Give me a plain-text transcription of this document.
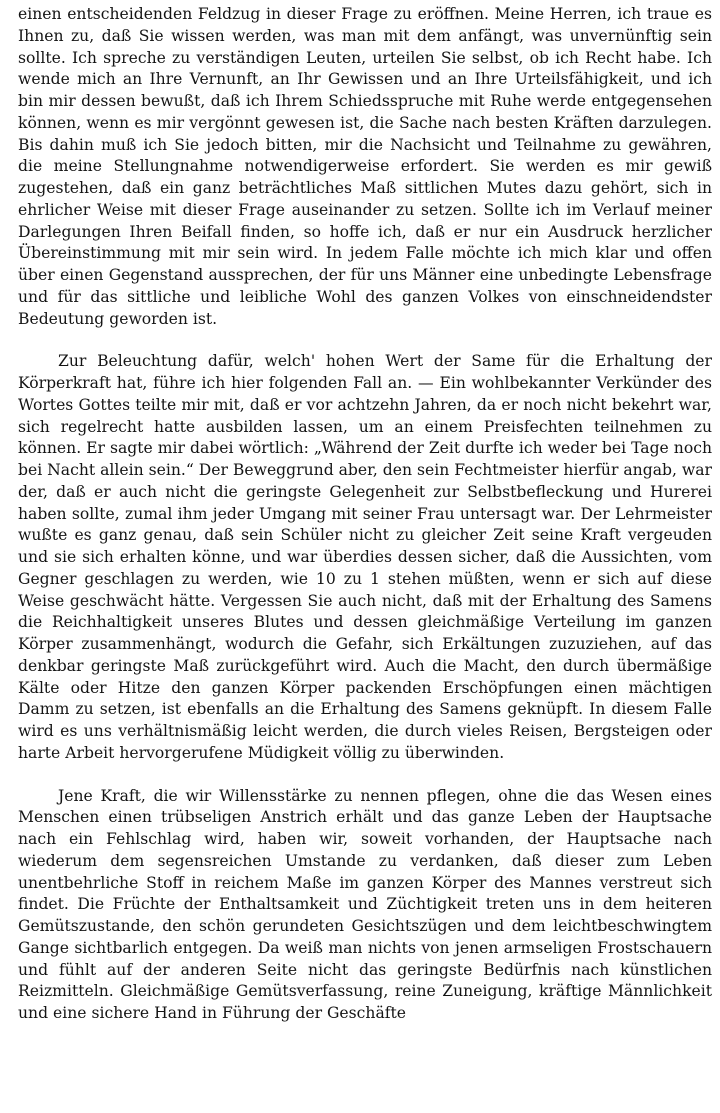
einen entscheidenden Feldzug in dieser Frage zu eröffnen. Meine Herren, ich traue es Ihnen zu, daß Sie wissen werden, was man mit dem anfängt, was unvernünftig sein sollte. Ich spreche zu verständigen Leuten, urteilen Sie selbst, ob ich Recht habe. Ich wende mich an Ihre Vernunft, an Ihr Gewissen und an Ihre Urteilsfähigkeit, und ich bin mir dessen bewußt, daß ich Ihrem Schiedsspruche mit Ruhe werde entgegensehen können, wenn es mir vergönnt gewesen ist, die Sache nach besten Kräften darzulegen. Bis dahin muß ich Sie jedoch bitten, mir die Nachsicht und Teilnahme zu gewähren, die meine Stellungnahme notwendigerweise erfordert. Sie werden es mir gewiß zugestehen, daß ein ganz beträchtliches Maß sittlichen Mutes dazu gehört, sich in ehrlicher Weise mit dieser Frage auseinander zu setzen. Sollte ich im Verlauf meiner Darlegungen Ihren Beifall finden, so hoffe ich, daß er nur ein Ausdruck herzlicher Übereinstimmung mit mir sein wird. In jedem Falle möchte ich mich klar und offen über einen Gegenstand aussprechen, der für uns Männer eine unbedingte Lebensfrage und für das sittliche und leibliche Wohl des ganzen Volkes von einschneidendster Bedeutung geworden ist.

Zur Beleuchtung dafür, welch' hohen Wert der Same für die Erhaltung der Körperkraft hat, führe ich hier folgenden Fall an. — Ein wohlbekannter Verkünder des Wortes Gottes teilte mir mit, daß er vor achtzehn Jahren, da er noch nicht bekehrt war, sich regelrecht hatte ausbilden lassen, um an einem Preisfechten teilnehmen zu können. Er sagte mir dabei wörtlich: „Während der Zeit durfte ich weder bei Tage noch bei Nacht allein sein.“ Der Beweggrund aber, den sein Fechtmeister hierfür angab, war der, daß er auch nicht die geringste Gelegenheit zur Selbstbefleckung und Hurerei haben sollte, zumal ihm jeder Umgang mit seiner Frau untersagt war. Der Lehrmeister wußte es ganz genau, daß sein Schüler nicht zu gleicher Zeit seine Kraft vergeuden und sie sich erhalten könne, und war überdies dessen sicher, daß die Aussichten, vom Gegner geschlagen zu werden, wie 10 zu 1 stehen müßten, wenn er sich auf diese Weise geschwächt hätte. Vergessen Sie auch nicht, daß mit der Erhaltung des Samens die Reichhaltigkeit unseres Blutes und dessen gleichmäßige Verteilung im ganzen Körper zusammenhängt, wodurch die Gefahr, sich Erkältungen zuzuziehen, auf das denkbar geringste Maß zurückgeführt wird. Auch die Macht, den durch übermäßige Kälte oder Hitze den ganzen Körper packenden Erschöpfungen einen mächtigen Damm zu setzen, ist ebenfalls an die Erhaltung des Samens geknüpft. In diesem Falle wird es uns verhältnismäßig leicht werden, die durch vieles Reisen, Bergsteigen oder harte Arbeit hervorgerufene Müdigkeit völlig zu überwinden.

Jene Kraft, die wir Willensstärke zu nennen pflegen, ohne die das Wesen eines Menschen einen trübseligen Anstrich erhält und das ganze Leben der Hauptsache nach ein Fehlschlag wird, haben wir, soweit vorhanden, der Hauptsache nach wiederum dem segensreichen Umstande zu verdanken, daß dieser zum Leben unentbehrliche Stoff in reichem Maße im ganzen Körper des Mannes verstreut sich findet. Die Früchte der Enthaltsamkeit und Züchtigkeit treten uns in dem heiteren Gemütszustande, den schön gerundeten Gesichtszügen und dem leichtbeschwingtem Gange sichtbarlich entgegen. Da weiß man nichts von jenen armseligen Frostschauern und fühlt auf der anderen Seite nicht das geringste Bedürfnis nach künstlichen Reizmitteln. Gleichmäßige Gemütsverfassung, reine Zuneigung, kräftige Männlichkeit und eine sichere Hand in Führung der Geschäfte
